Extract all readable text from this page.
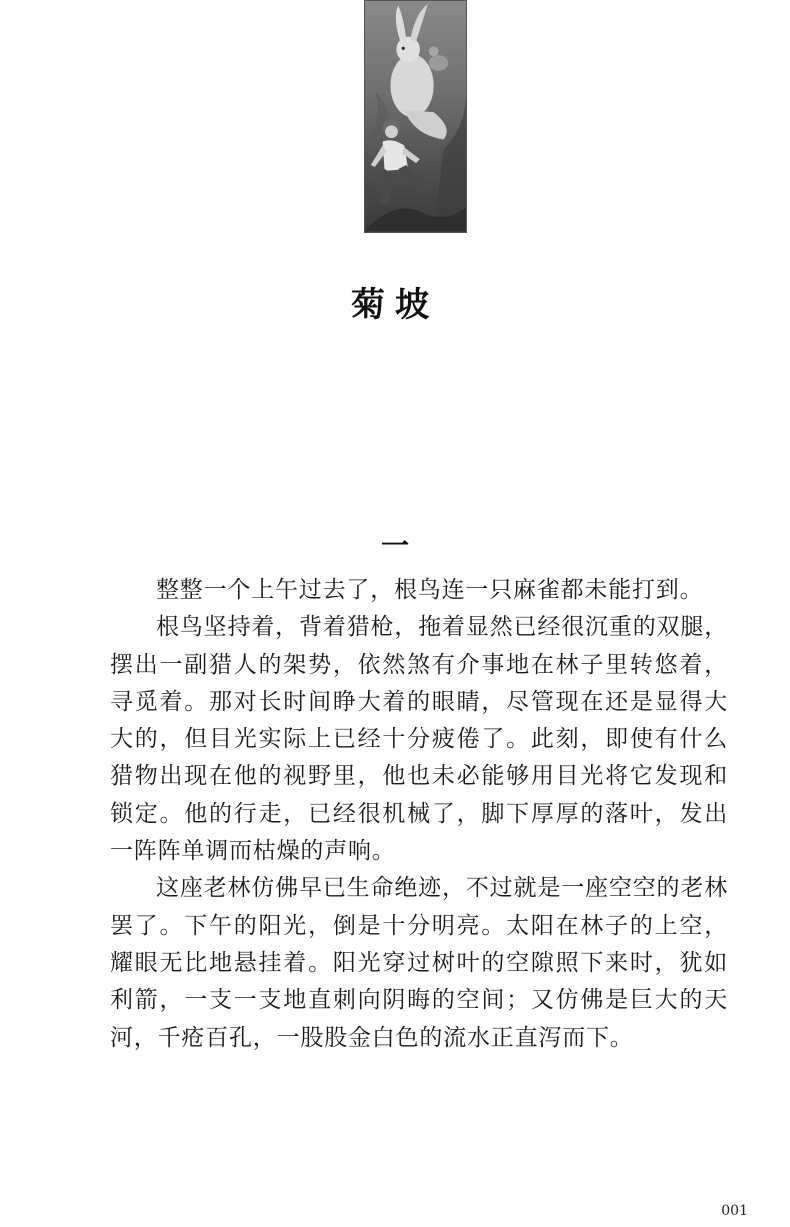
菊坡
一

整整一个上午过去了，根鸟连一只麻雀都未能打到。

根鸟坚持着，背着猎枪，拖着显然已经很沉重的双腿，摆出一副猎人的架势，依然煞有介事地在林子里转悠着，寻觅着。那对长时间睁大着的眼睛，尽管现在还是显得大大的，但目光实际上已经十分疲倦了。此刻，即使有什么猎物出现在他的视野里，他也未必能够用目光将它发现和锁定。他的行走，已经很机械了，脚下厚厚的落叶，发出一阵阵单调而枯燥的声响。

这座老林仿佛早已生命绝迹，不过就是一座空空的老林罢了。下午的阳光，倒是十分明亮。太阳在林子的上空，耀眼无比地悬挂着。阳光穿过树叶的空隙照下来时，犹如利箭，一支一支地直刺向阴晦的空间；又仿佛是巨大的天河，千疮百孔，一股股金白色的流水正直泻而下。

001
